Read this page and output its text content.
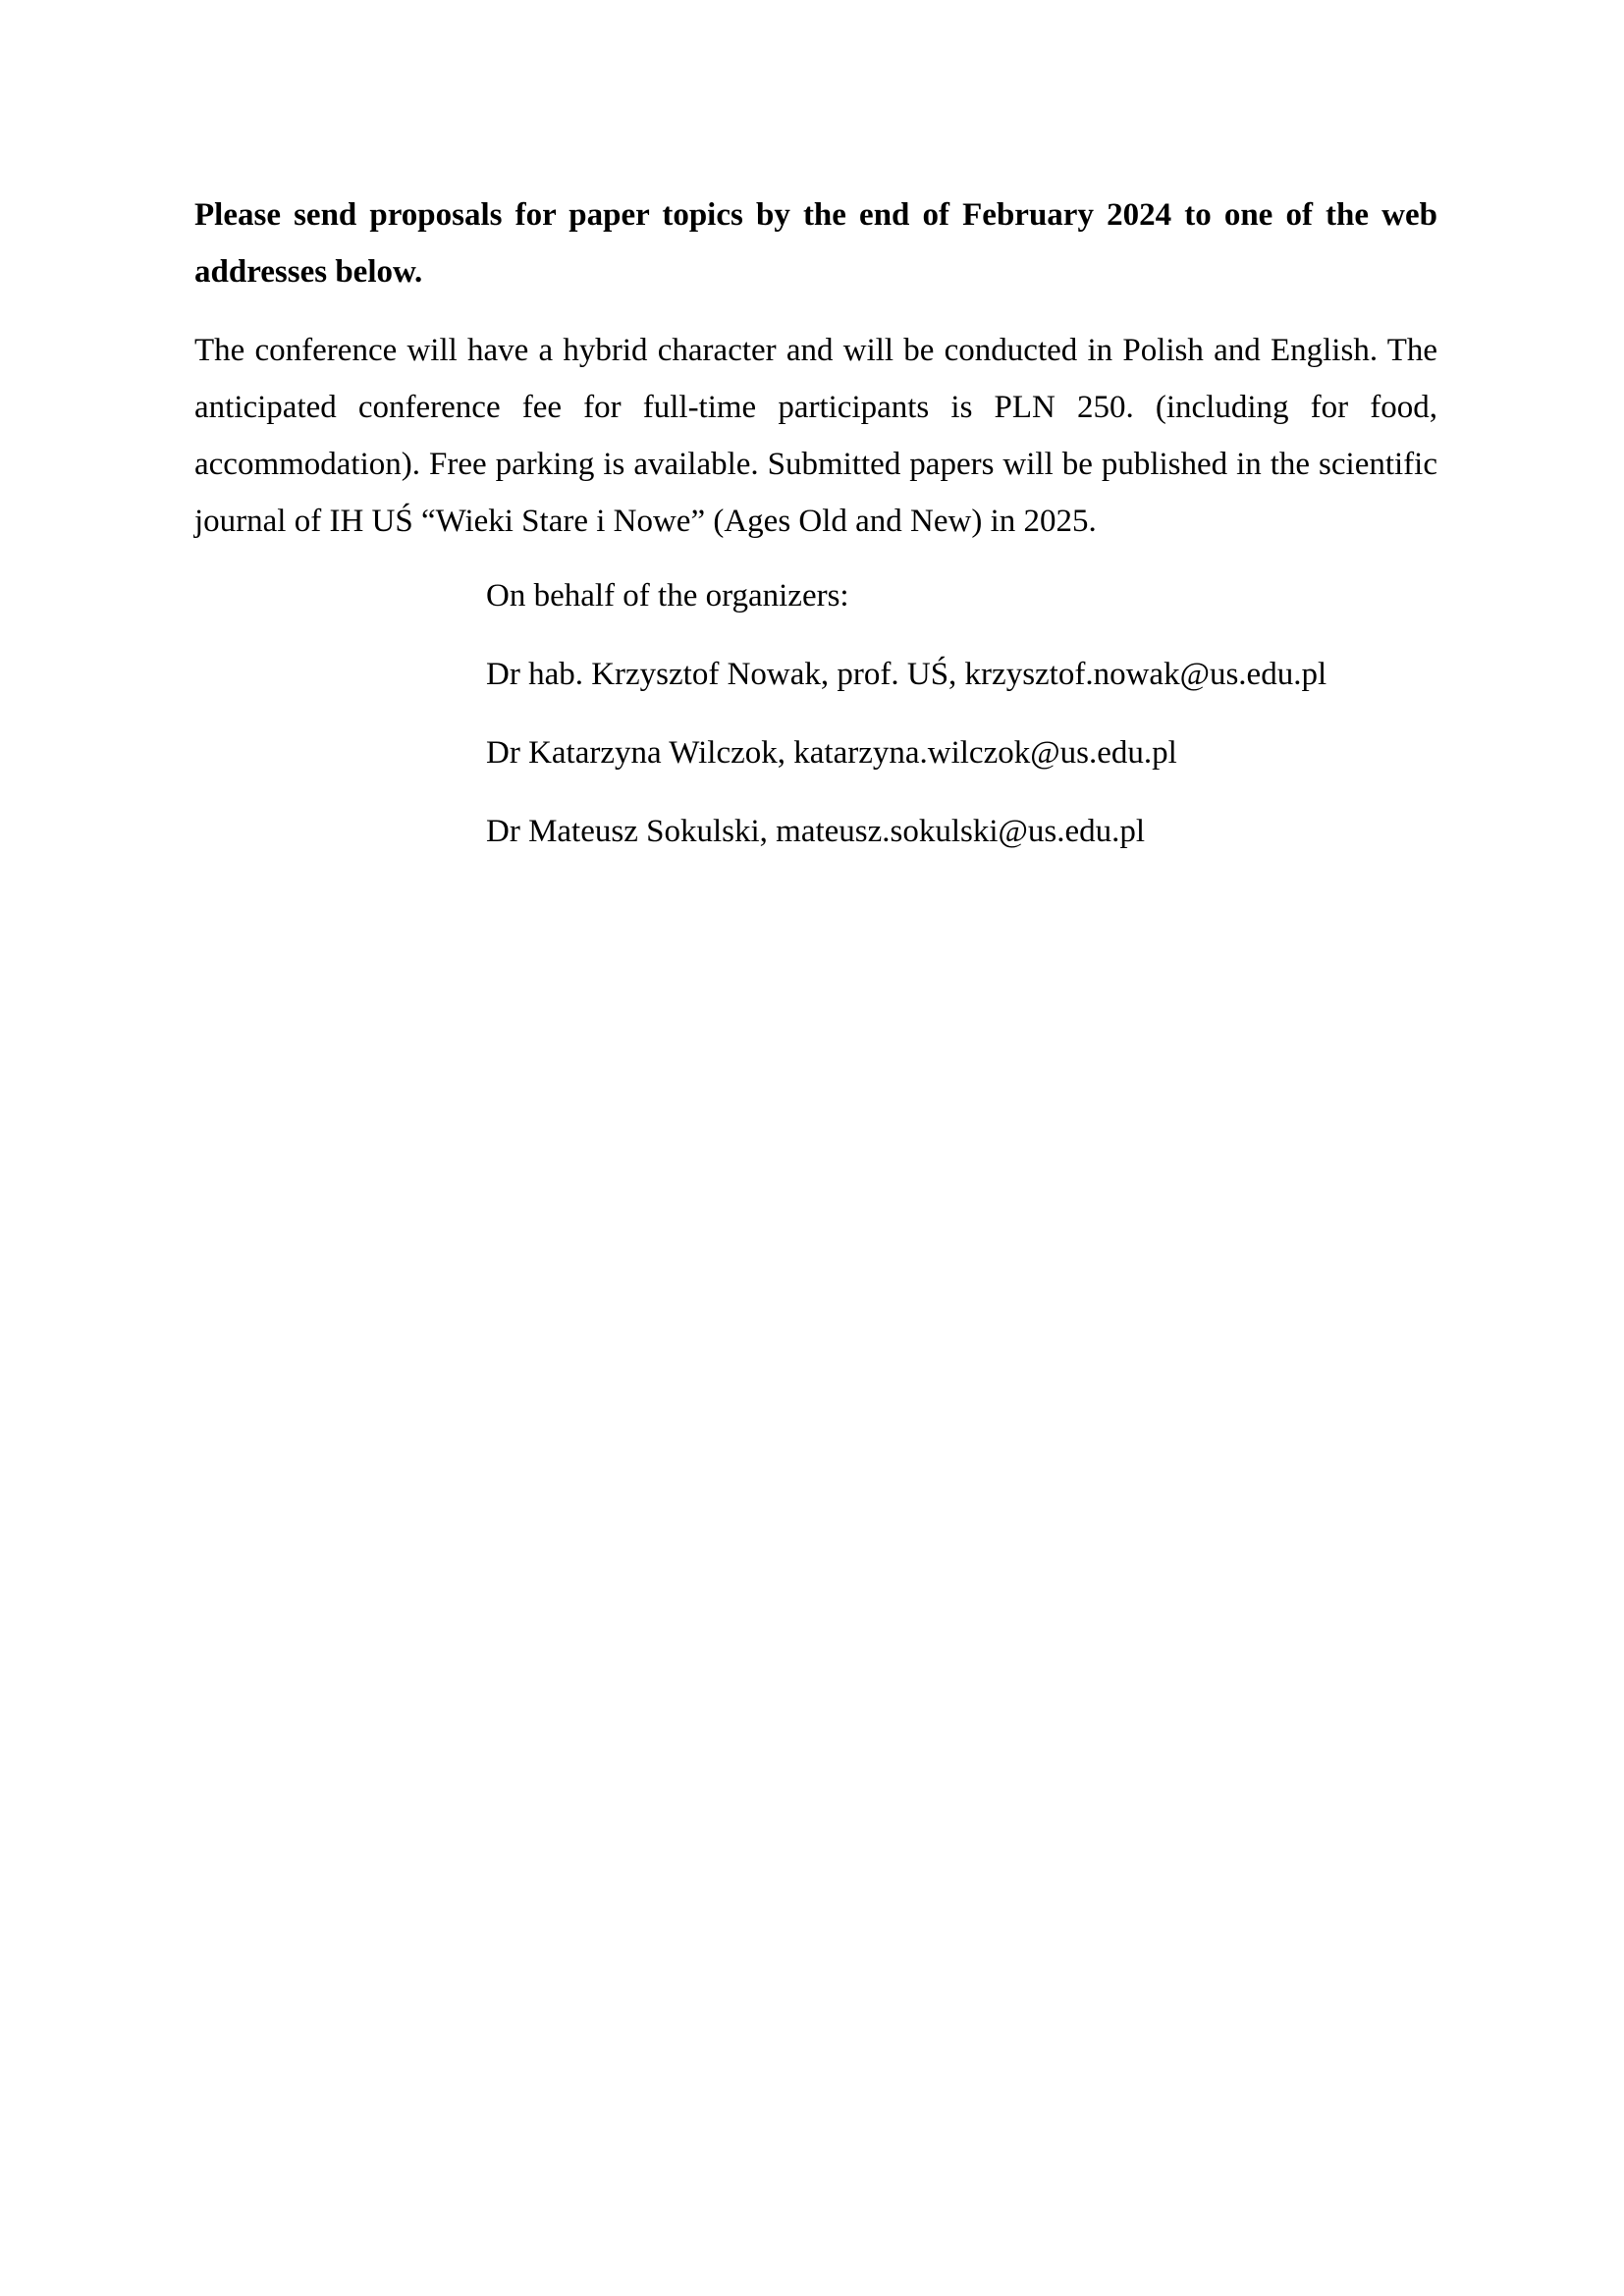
Please send proposals for paper topics by the end of February 2024 to one of the web addresses below.

The conference will have a hybrid character and will be conducted in Polish and English. The anticipated conference fee for full-time participants is PLN 250. (including for food, accommodation). Free parking is available. Submitted papers will be published in the scientific journal of IH UŚ “Wieki Stare i Nowe” (Ages Old and New) in 2025.

On behalf of the organizers:

Dr hab. Krzysztof Nowak, prof. UŚ, krzysztof.nowak@us.edu.pl

Dr Katarzyna Wilczok, katarzyna.wilczok@us.edu.pl

Dr Mateusz Sokulski, mateusz.sokulski@us.edu.pl
